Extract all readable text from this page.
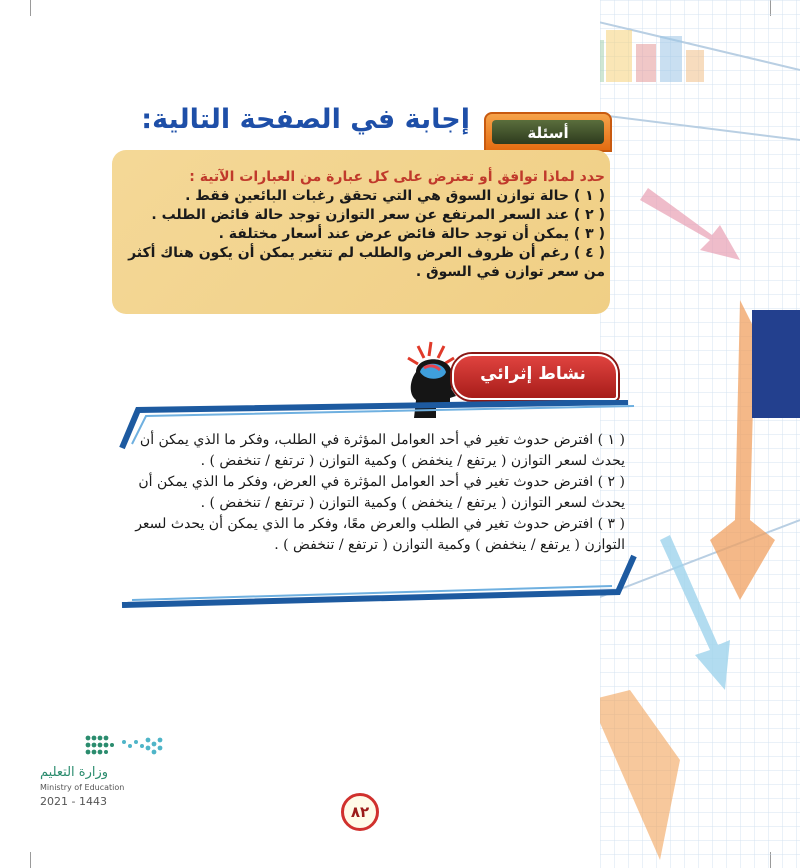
أسئلة
إجابة في الصفحة التالية:

حدد لماذا توافق أو تعترض على كل عبارة من العبارات الآتية :

( ١ ) حالة توازن السوق هي التي تحقق رغبات البائعين فقط .

( ٢ ) عند السعر المرتفع عن سعر التوازن توجد حالة فائض الطلب .

( ٣ ) يمكن أن توجد حالة فائض عرض عند أسعار مختلفة .

( ٤ ) رغم أن ظروف العرض والطلب لم تتغير يمكن أن يكون هناك أكثر من سعر توازن في السوق .

نشاط إثرائي

( ١ ) افترض حدوث تغير في أحد العوامل المؤثرة في الطلب، وفكر ما الذي يمكن أن يحدث لسعر التوازن ( يرتفع / ينخفض ) وكمية التوازن ( ترتفع / تنخفض ) .

( ٢ ) افترض حدوث تغير في أحد العوامل المؤثرة في العرض، وفكر ما الذي يمكن أن يحدث لسعر التوازن ( يرتفع / ينخفض ) وكمية التوازن ( ترتفع / تنخفض ) .

( ٣ ) افترض حدوث تغير في الطلب والعرض معًا، وفكر ما الذي يمكن أن يحدث لسعر التوازن ( يرتفع / ينخفض ) وكمية التوازن ( ترتفع / تنخفض ) .

وزارة التعليم
Ministry of Education
2021 - 1443
٨٢
